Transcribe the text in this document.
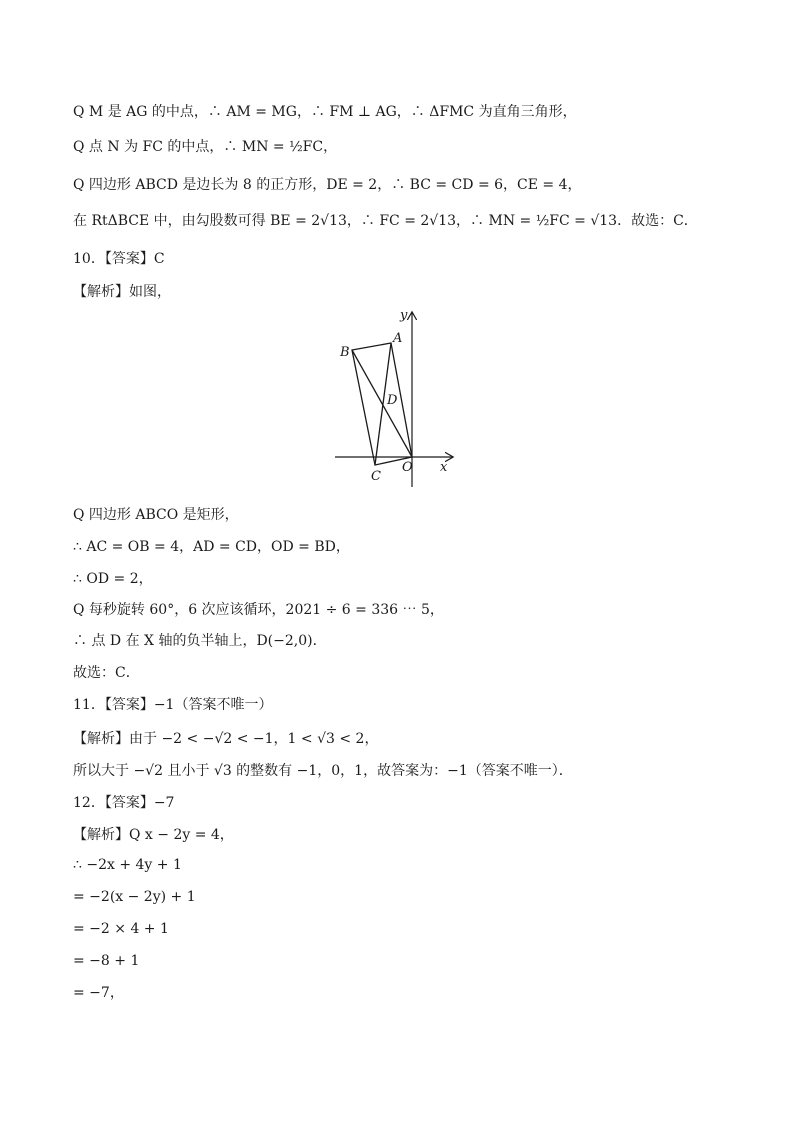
Q M 是 AG 的中点，∴ AM = MG，∴ FM ⊥ AG，∴ ΔFMC 为直角三角形，
Q 点 N 为 FC 的中点，∴ MN = ½FC，
Q 四边形 ABCD 是边长为 8 的正方形，DE = 2，∴ BC = CD = 6，CE = 4，
在 RtΔBCE 中，由勾股数可得 BE = 2√13，∴ FC = 2√13，∴ MN = ½FC = √13．故选：C．
10．【答案】C
【解析】如图，
y
x
A
B
D
C
O
Q 四边形 ABCO 是矩形，
∴ AC = OB = 4，AD = CD，OD = BD，
∴ OD = 2，
Q 每秒旋转 60°，6 次应该循环，2021 ÷ 6 = 336 ⋯ 5，
∴ 点 D 在 X 轴的负半轴上，D(−2,0)．
故选：C．
11．【答案】−1（答案不唯一）
【解析】由于 −2 < −√2 < −1，1 < √3 < 2，
所以大于 −√2 且小于 √3 的整数有 −1，0，1，故答案为：−1（答案不唯一）．
12．【答案】−7
【解析】Q x − 2y = 4，
∴ −2x + 4y + 1
= −2(x − 2y) + 1
= −2 × 4 + 1
= −8 + 1
= −7，
